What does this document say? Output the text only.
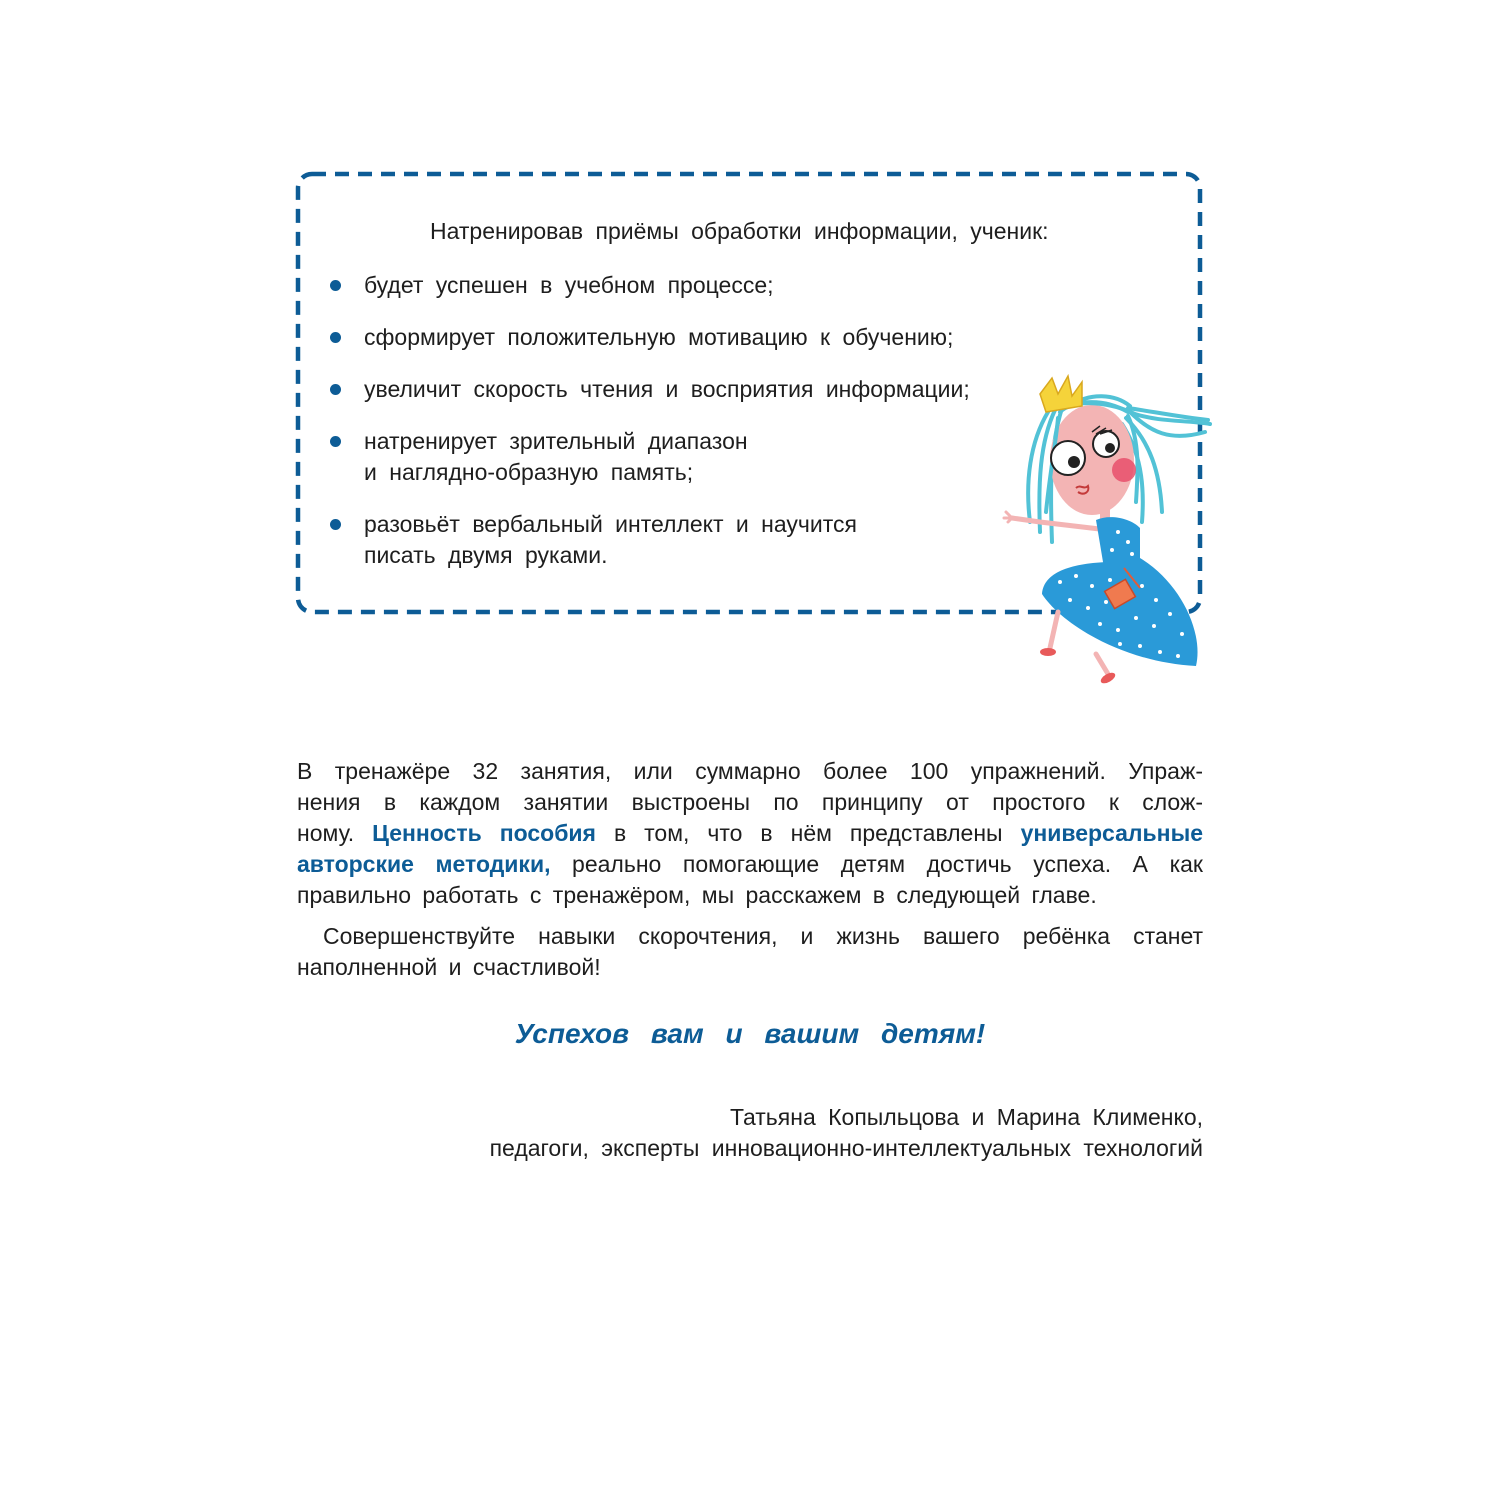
Натренировав приёмы обработки информации, ученик:

будет успешен в учебном процессе;
сформирует положительную мотивацию к обучению;
увеличит скорость чтения и восприятия информации;
натренирует зрительный диапазон
и наглядно-образную память;
разовьёт вербальный интеллект и научится
писать двумя руками.
В тренажёре 32 занятия, или суммарно более 100 упражнений. Упраж-
нения в каждом занятии выстроены по принципу от простого к слож-
ному. Ценность пособия в том, что в нём представлены универсальные
авторские методики, реально помогающие детям достичь успеха. А как
правильно работать с тренажёром, мы расскажем в следующей главе.
Совершенствуйте навыки скорочтения, и жизнь вашего ребёнка станет
наполненной и счастливой!

Успехов вам и вашим детям!

Татьяна Копыльцова и Марина Клименко,
педагоги, эксперты инновационно-интеллектуальных технологий
